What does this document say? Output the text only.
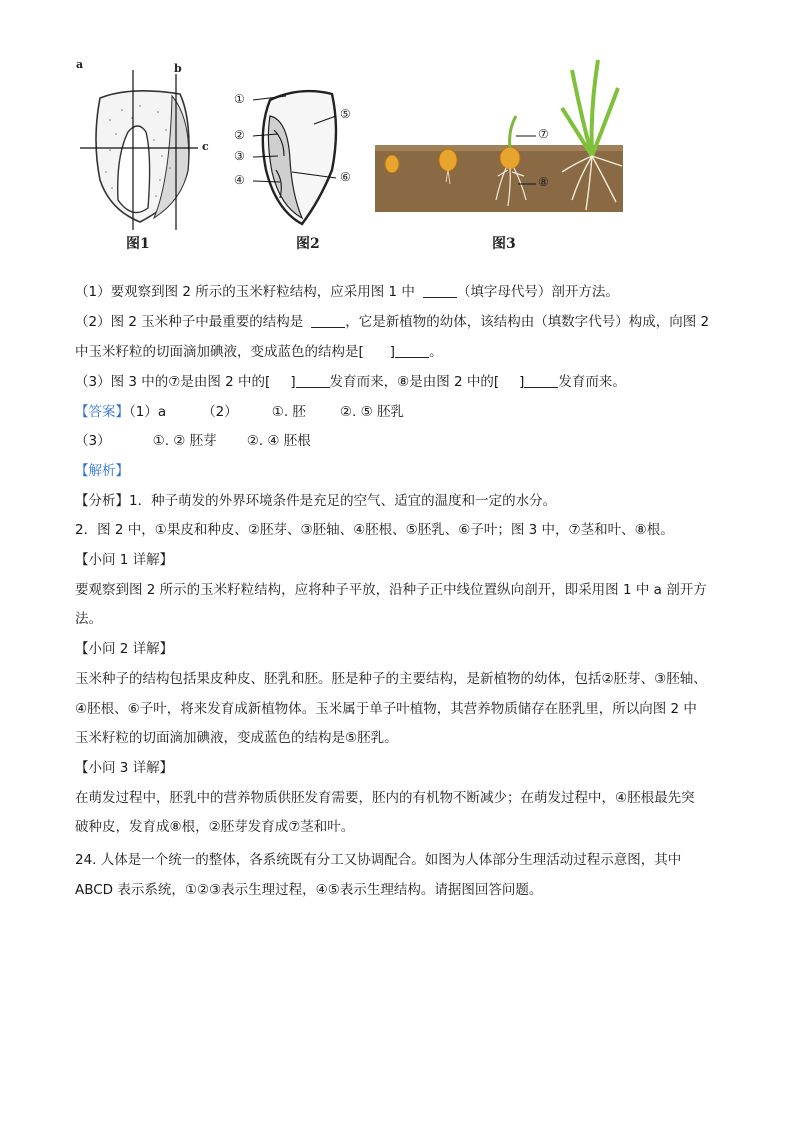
a	b
c
①
②
③
④
⑤
⑥
⑦
⑧
图1	图2	图3
（1）要观察到图 2 所示的玉米籽粒结构，应采用图 1 中	（填字母代号）剖开方法。
（2）图 2 玉米种子中最重要的结构是	，它是新植物的幼体，该结构由（填数字代号）构成，向图 2
中玉米籽粒的切面滴加碘液，变成蓝色的结构是[ ]	。
（3）图 3 中的⑦是由图 2 中的[ ]	发育而来，⑧是由图 2 中的[ ]	发育而来。
【答案】（1）a	（2）	①. 胚	②. ⑤ 胚乳
（3）	①. ② 胚芽 ②. ④ 胚根
【解析】
【分析】1．种子萌发的外界环境条件是充足的空气、适宜的温度和一定的水分。
2．图 2 中，①果皮和种皮、②胚芽、③胚轴、④胚根、⑤胚乳、⑥子叶；图 3 中，⑦茎和叶、⑧根。
【小问 1 详解】
要观察到图 2 所示的玉米籽粒结构，应将种子平放，沿种子正中线位置纵向剖开，即采用图 1 中 a 剖开方
法。
【小问 2 详解】
玉米种子的结构包括果皮种皮、胚乳和胚。胚是种子的主要结构，是新植物的幼体，包括②胚芽、③胚轴、
④胚根、⑥子叶，将来发育成新植物体。玉米属于单子叶植物，其营养物质储存在胚乳里，所以向图 2 中
玉米籽粒的切面滴加碘液，变成蓝色的结构是⑤胚乳。
【小问 3 详解】
在萌发过程中，胚乳中的营养物质供胚发育需要，胚内的有机物不断减少；在萌发过程中，④胚根最先突
破种皮，发育成⑧根，②胚芽发育成⑦茎和叶。
24. 人体是一个统一的整体，各系统既有分工又协调配合。如图为人体部分生理活动过程示意图，其中
ABCD 表示系统，①②③表示生理过程，④⑤表示生理结构。请据图回答问题。
